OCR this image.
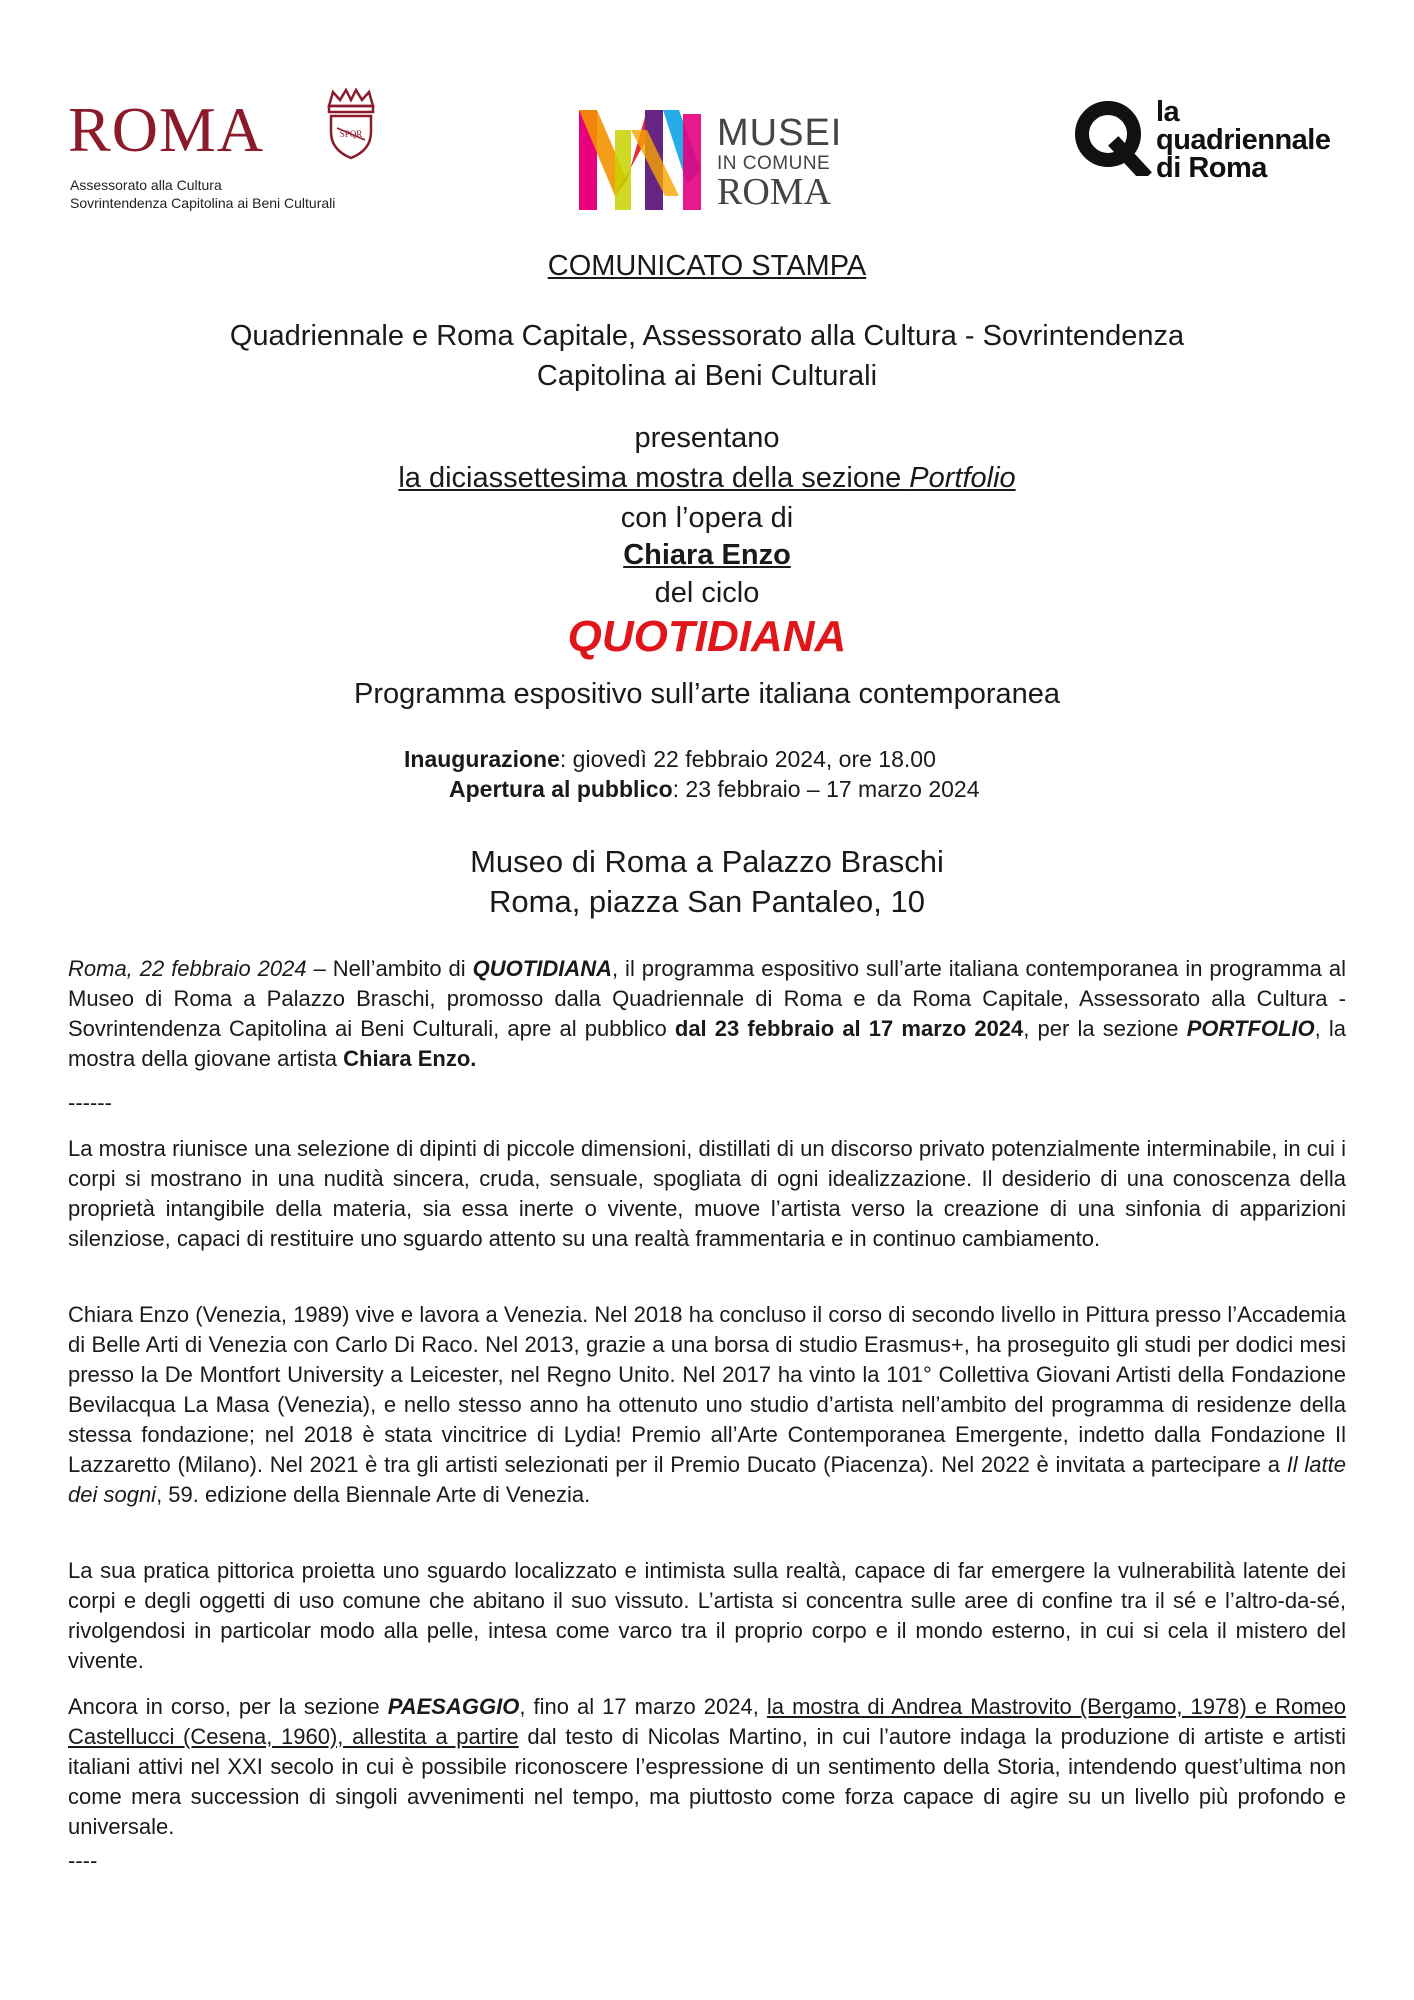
ROMA	SPQR
Assessorato alla Cultura
Sovrintendenza Capitolina ai Beni Culturali
MUSEI
IN COMUNE
ROMA
la
quadriennale
di Roma
COMUNICATO STAMPA
Quadriennale e Roma Capitale, Assessorato alla Cultura - Sovrintendenza
Capitolina ai Beni Culturali
presentano
la diciassettesima mostra della sezione Portfolio
con l’opera di
Chiara Enzo
del ciclo
QUOTIDIANA
Programma espositivo sull’arte italiana contemporanea
Inaugurazione: giovedì 22 febbraio 2024, ore 18.00
Apertura al pubblico: 23 febbraio – 17 marzo 2024
Museo di Roma a Palazzo Braschi
Roma, piazza San Pantaleo, 10

Roma, 22 febbraio 2024 – Nell’ambito di QUOTIDIANA, il programma espositivo sull’arte italiana contemporanea in programma al Museo di Roma a Palazzo Braschi, promosso dalla Quadriennale di Roma e da Roma Capitale, Assessorato alla Cultura - Sovrintendenza Capitolina ai Beni Culturali, apre al pubblico dal 23 febbraio al 17 marzo 2024, per la sezione PORTFOLIO, la mostra della giovane artista Chiara Enzo.

------

La mostra riunisce una selezione di dipinti di piccole dimensioni, distillati di un discorso privato potenzialmente interminabile, in cui i corpi si mostrano in una nudità sincera, cruda, sensuale, spogliata di ogni idealizzazione. Il desiderio di una conoscenza della proprietà intangibile della materia, sia essa inerte o vivente, muove l’artista verso la creazione di una sinfonia di apparizioni silenziose, capaci di restituire uno sguardo attento su una realtà frammentaria e in continuo cambiamento.

Chiara Enzo (Venezia, 1989) vive e lavora a Venezia. Nel 2018 ha concluso il corso di secondo livello in Pittura presso l’Accademia di Belle Arti di Venezia con Carlo Di Raco. Nel 2013, grazie a una borsa di studio Erasmus+, ha proseguito gli studi per dodici mesi presso la De Montfort University a Leicester, nel Regno Unito. Nel 2017 ha vinto la 101° Collettiva Giovani Artisti della Fondazione Bevilacqua La Masa (Venezia), e nello stesso anno ha ottenuto uno studio d’artista nell’ambito del programma di residenze della stessa fondazione; nel 2018 è stata vincitrice di Lydia! Premio all’Arte Contemporanea Emergente, indetto dalla Fondazione Il Lazzaretto (Milano). Nel 2021 è tra gli artisti selezionati per il Premio Ducato (Piacenza). Nel 2022 è invitata a partecipare a Il latte dei sogni, 59. edizione della Biennale Arte di Venezia.

La sua pratica pittorica proietta uno sguardo localizzato e intimista sulla realtà, capace di far emergere la vulnerabilità latente dei corpi e degli oggetti di uso comune che abitano il suo vissuto. L’artista si concentra sulle aree di confine tra il sé e l’altro-da-sé, rivolgendosi in particolar modo alla pelle, intesa come varco tra il proprio corpo e il mondo esterno, in cui si cela il mistero del vivente.

Ancora in corso, per la sezione PAESAGGIO, fino al 17 marzo 2024, la mostra di Andrea Mastrovito (Bergamo, 1978) e Romeo Castellucci (Cesena, 1960), allestita a partire dal testo di Nicolas Martino, in cui l’autore indaga la produzione di artiste e artisti italiani attivi nel XXI secolo in cui è possibile riconoscere l’espressione di un sentimento della Storia, intendendo quest’ultima non come mera succession di singoli avvenimenti nel tempo, ma piuttosto come forza capace di agire su un livello più profondo e universale.

----
